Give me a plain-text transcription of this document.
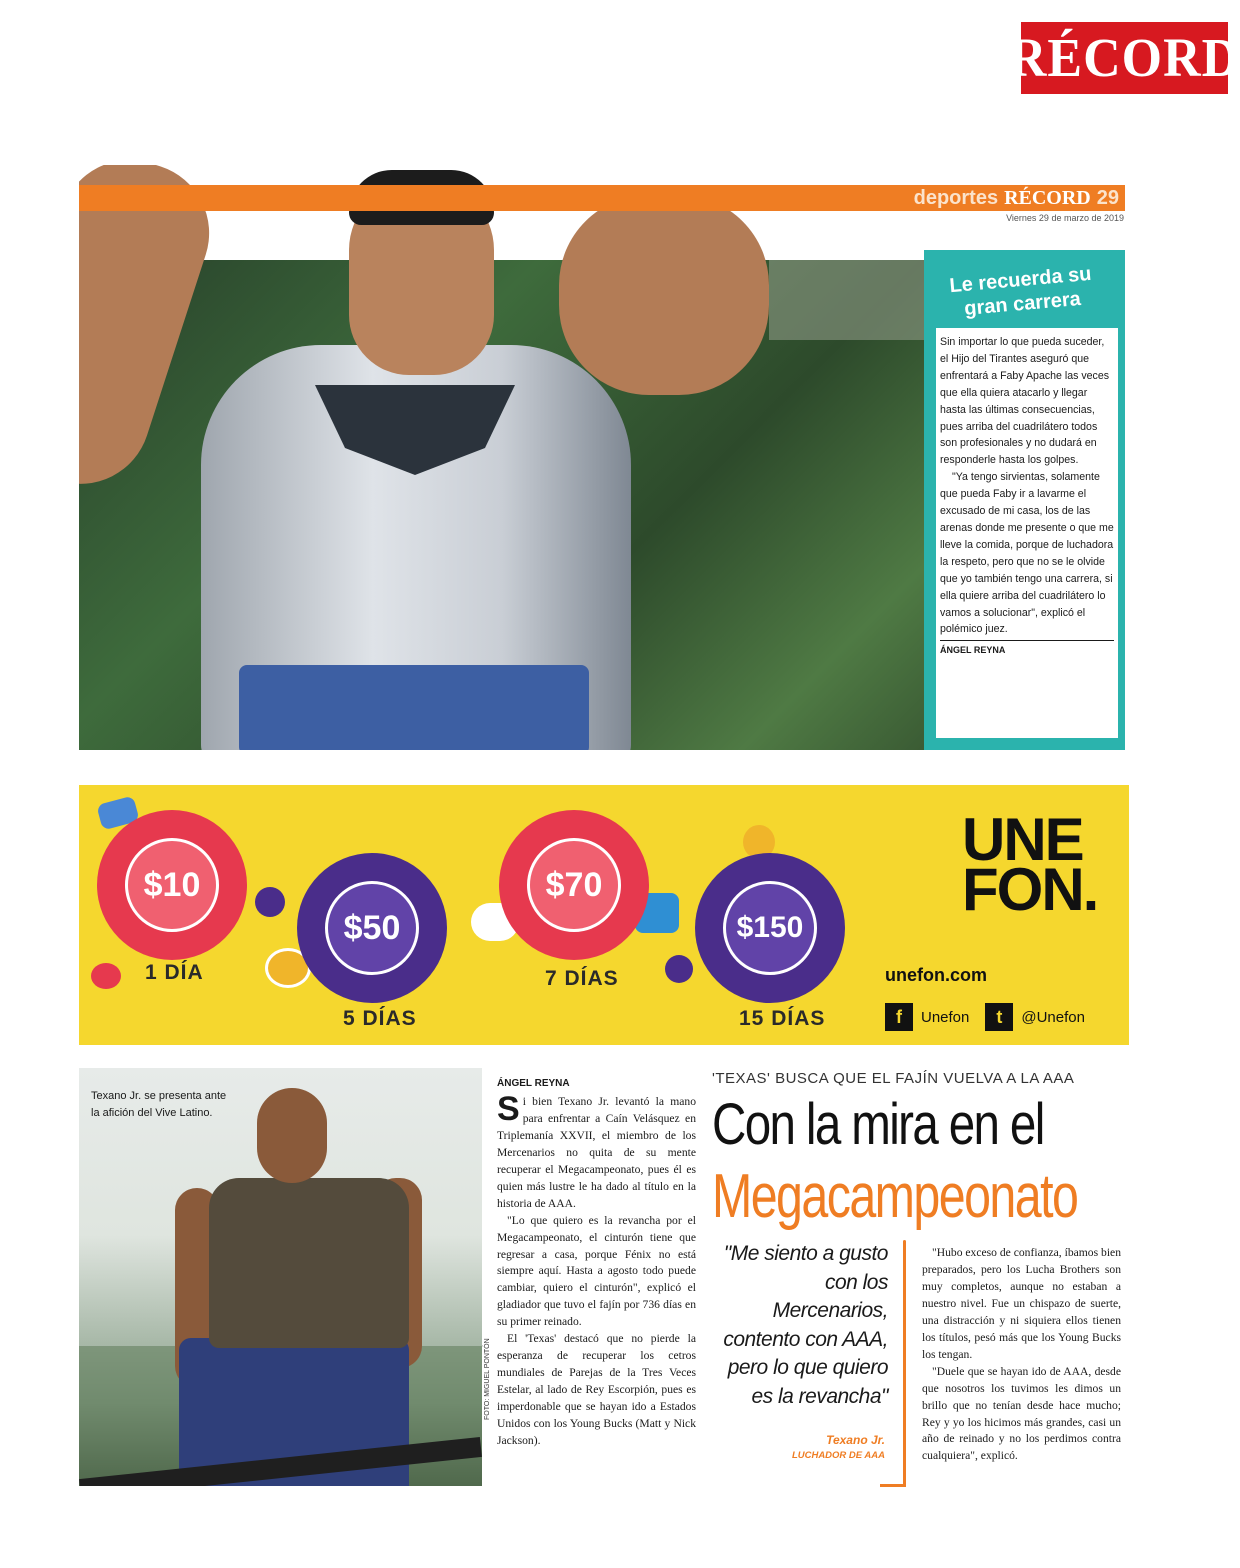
RÉCORD
deportes RÉCORD 29
Viernes 29 de marzo de 2019
Le recuerda su gran carrera

Sin importar lo que pueda suceder, el Hijo del Tirantes aseguró que enfrentará a Faby Apache las veces que ella quiera atacarlo y llegar hasta las últimas consecuencias, pues arriba del cuadrilátero todos son profesionales y no dudará en responderle hasta los golpes.

"Ya tengo sirvientas, solamente que pueda Faby ir a lavarme el excusado de mi casa, los de las arenas donde me presente o que me lleve la comida, porque de luchadora la respeto, pero que no se le olvide que yo también tengo una carrera, si ella quiere arriba del cuadrilátero lo vamos a solucionar", explicó el polémico juez.

ÁNGEL REYNA
$10
1 DÍA
$50
5 DÍAS
$70
7 DÍAS
$150
15 DÍAS
UNE
FON.
unefon.com
f	Unefon	t	@Unefon
Texano Jr. se presenta ante la afición del Vive Latino.
FOTO: MIGUEL PONTÓN
ÁNGEL REYNA

Si bien Texano Jr. levantó la mano para enfrentar a Caín Velásquez en Triplemanía XXVII, el miembro de los Mercenarios no quita de su mente recuperar el Megacampeonato, pues él es quien más lustre le ha dado al título en la historia de AAA.

"Lo que quiero es la revancha por el Megacampeonato, el cinturón tiene que regresar a casa, porque Fénix no está siempre aquí. Hasta a agosto todo puede cambiar, quiero el cinturón", explicó el gladiador que tuvo el fajín por 736 días en su primer reinado.

El 'Texas' destacó que no pierde la esperanza de recuperar los cetros mundiales de Parejas de la Tres Veces Estelar, al lado de Rey Escorpión, pues es imperdonable que se hayan ido a Estados Unidos con los Young Bucks (Matt y Nick Jackson).

'TEXAS' BUSCA QUE EL FAJÍN VUELVA A LA AAA
Con la mira en el
Megacampeonato
"Me siento a gusto con los Mercenarios, contento con AAA, pero lo que quiero es la revancha"
Texano Jr.
LUCHADOR DE AAA

"Hubo exceso de confianza, íbamos bien preparados, pero los Lucha Brothers son muy completos, aunque no estaban a nuestro nivel. Fue un chispazo de suerte, una distracción y ni siquiera ellos tienen los títulos, pesó más que los Young Bucks los tengan.

"Duele que se hayan ido de AAA, desde que nosotros los tuvimos les dimos un brillo que no tenían desde hace mucho; Rey y yo los hicimos más grandes, casi un año de reinado y no los perdimos contra cualquiera", explicó.
